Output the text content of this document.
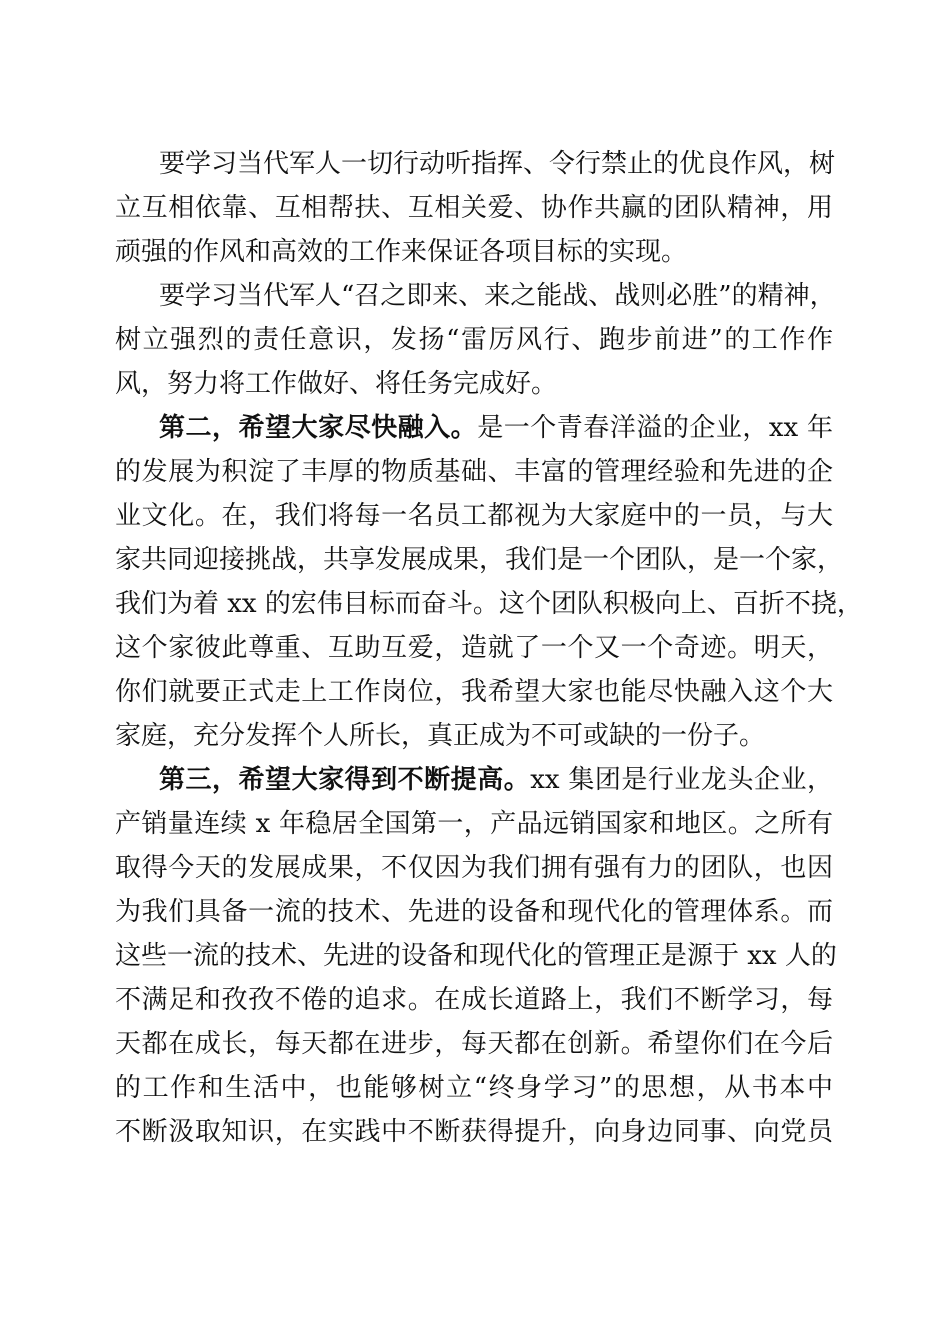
要学习当代军人一切行动听指挥、令行禁止的优良作风，树
立互相依靠、互相帮扶、互相关爱、协作共赢的团队精神，用
顽强的作风和高效的工作来保证各项目标的实现。
要学习当代军人“召之即来、来之能战、战则必胜”的精神，
树立强烈的责任意识，发扬“雷厉风行、跑步前进”的工作作
风，努力将工作做好、将任务完成好。
第二，希望大家尽快融入。是一个青春洋溢的企业，xx 年
的发展为积淀了丰厚的物质基础、丰富的管理经验和先进的企
业文化。在，我们将每一名员工都视为大家庭中的一员，与大
家共同迎接挑战，共享发展成果，我们是一个团队，是一个家，
我们为着 xx 的宏伟目标而奋斗。这个团队积极向上、百折不挠，
这个家彼此尊重、互助互爱，造就了一个又一个奇迹。明天，
你们就要正式走上工作岗位，我希望大家也能尽快融入这个大
家庭，充分发挥个人所长，真正成为不可或缺的一份子。
第三，希望大家得到不断提高。xx 集团是行业龙头企业，
产销量连续 x 年稳居全国第一，产品远销国家和地区。之所有
取得今天的发展成果，不仅因为我们拥有强有力的团队，也因
为我们具备一流的技术、先进的设备和现代化的管理体系。而
这些一流的技术、先进的设备和现代化的管理正是源于 xx 人的
不满足和孜孜不倦的追求。在成长道路上，我们不断学习，每
天都在成长，每天都在进步，每天都在创新。希望你们在今后
的工作和生活中，也能够树立“终身学习”的思想，从书本中
不断汲取知识，在实践中不断获得提升，向身边同事、向党员
